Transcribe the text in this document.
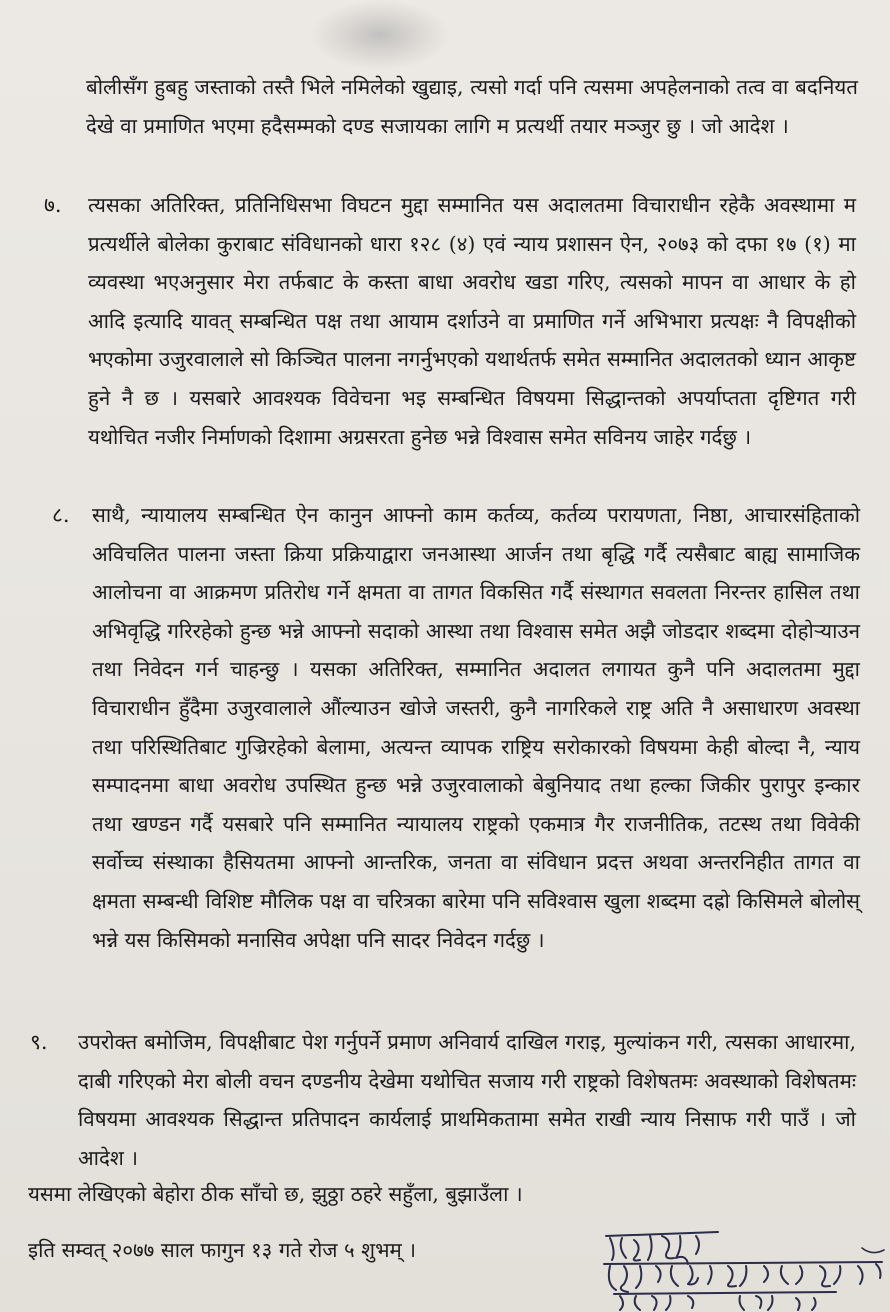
बोलीसँग हुबहु जस्ताको तस्तै भिले नमिलेको खुद्याइ, त्यसो गर्दा पनि त्यसमा अपहेलनाको तत्व वा बदनियत देखे वा प्रमाणित भएमा हदैसम्मको दण्ड सजायका लागि म प्रत्यर्थी तयार मञ्जुर छु । जो आदेश ।

७. त्यसका अतिरिक्त, प्रतिनिधिसभा विघटन मुद्दा सम्मानित यस अदालतमा विचाराधीन रहेकै अवस्थामा म प्रत्यर्थीले बोलेका कुराबाट संविधानको धारा १२८ (४) एवं न्याय प्रशासन ऐन, २०७३ को दफा १७ (१) मा व्यवस्था भएअनुसार मेरा तर्फबाट के कस्ता बाधा अवरोध खडा गरिए, त्यसको मापन वा आधार के हो आदि इत्यादि यावत् सम्बन्धित पक्ष तथा आयाम दर्शाउने वा प्रमाणित गर्ने अभिभारा प्रत्यक्षः नै विपक्षीको भएकोमा उजुरवालाले सो किञ्चित पालना नगर्नुभएको यथार्थतर्फ समेत सम्मानित अदालतको ध्यान आकृष्ट हुने नै छ । यसबारे आवश्यक विवेचना भइ सम्बन्धित विषयमा सिद्धान्तको अपर्याप्तता दृष्टिगत गरी यथोचित नजीर निर्माणको दिशामा अग्रसरता हुनेछ भन्ने विश्वास समेत सविनय जाहेर गर्दछु ।

८. साथै, न्यायालय सम्बन्धित ऐन कानुन आफ्नो काम कर्तव्य, कर्तव्य परायणता, निष्ठा, आचारसंहिताको अविचलित पालना जस्ता क्रिया प्रक्रियाद्वारा जनआस्था आर्जन तथा बृद्धि गर्दै त्यसैबाट बाह्य सामाजिक आलोचना वा आक्रमण प्रतिरोध गर्ने क्षमता वा तागत विकसित गर्दै संस्थागत सवलता निरन्तर हासिल तथा अभिवृद्धि गरिरहेको हुन्छ भन्ने आफ्नो सदाको आस्था तथा विश्वास समेत अझै जोडदार शब्दमा दोहोऱ्याउन तथा निवेदन गर्न चाहन्छु । यसका अतिरिक्त, सम्मानित अदालत लगायत कुनै पनि अदालतमा मुद्दा विचाराधीन हुँदैमा उजुरवालाले औंल्याउन खोजे जस्तरी, कुनै नागरिकले राष्ट्र अति नै असाधारण अवस्था तथा परिस्थितिबाट गुज्रिरहेको बेलामा, अत्यन्त व्यापक राष्ट्रिय सरोकारको विषयमा केही बोल्दा नै, न्याय सम्पादनमा बाधा अवरोध उपस्थित हुन्छ भन्ने उजुरवालाको बेबुनियाद तथा हल्का जिकीर पुरापुर इन्कार तथा खण्डन गर्दै यसबारे पनि सम्मानित न्यायालय राष्ट्रको एकमात्र गैर राजनीतिक, तटस्थ तथा विवेकी सर्वोच्च संस्थाका हैसियतमा आफ्नो आन्तरिक, जनता वा संविधान प्रदत्त अथवा अन्तरनिहीत तागत वा क्षमता सम्बन्धी विशिष्ट मौलिक पक्ष वा चरित्रका बारेमा पनि सविश्वास खुला शब्दमा दह्रो किसिमले बोलोस् भन्ने यस किसिमको मनासिव अपेक्षा पनि सादर निवेदन गर्दछु ।

९. उपरोक्त बमोजिम, विपक्षीबाट पेश गर्नुपर्ने प्रमाण अनिवार्य दाखिल गराइ, मुल्यांकन गरी, त्यसका आधारमा, दाबी गरिएको मेरा बोली वचन दण्डनीय देखेमा यथोचित सजाय गरी राष्ट्रको विशेषतमः अवस्थाको विशेषतमः विषयमा आवश्यक सिद्धान्त प्रतिपादन कार्यलाई प्राथमिकतामा समेत राखी न्याय निसाफ गरी पाउँ । जो आदेश ।

यसमा लेखिएको बेहोरा ठीक साँचो छ, झुठ्ठा ठहरे सहुँला, बुझाउँला ।

इति सम्वत् २०७७ साल फागुन १३ गते रोज ५ शुभम् ।
